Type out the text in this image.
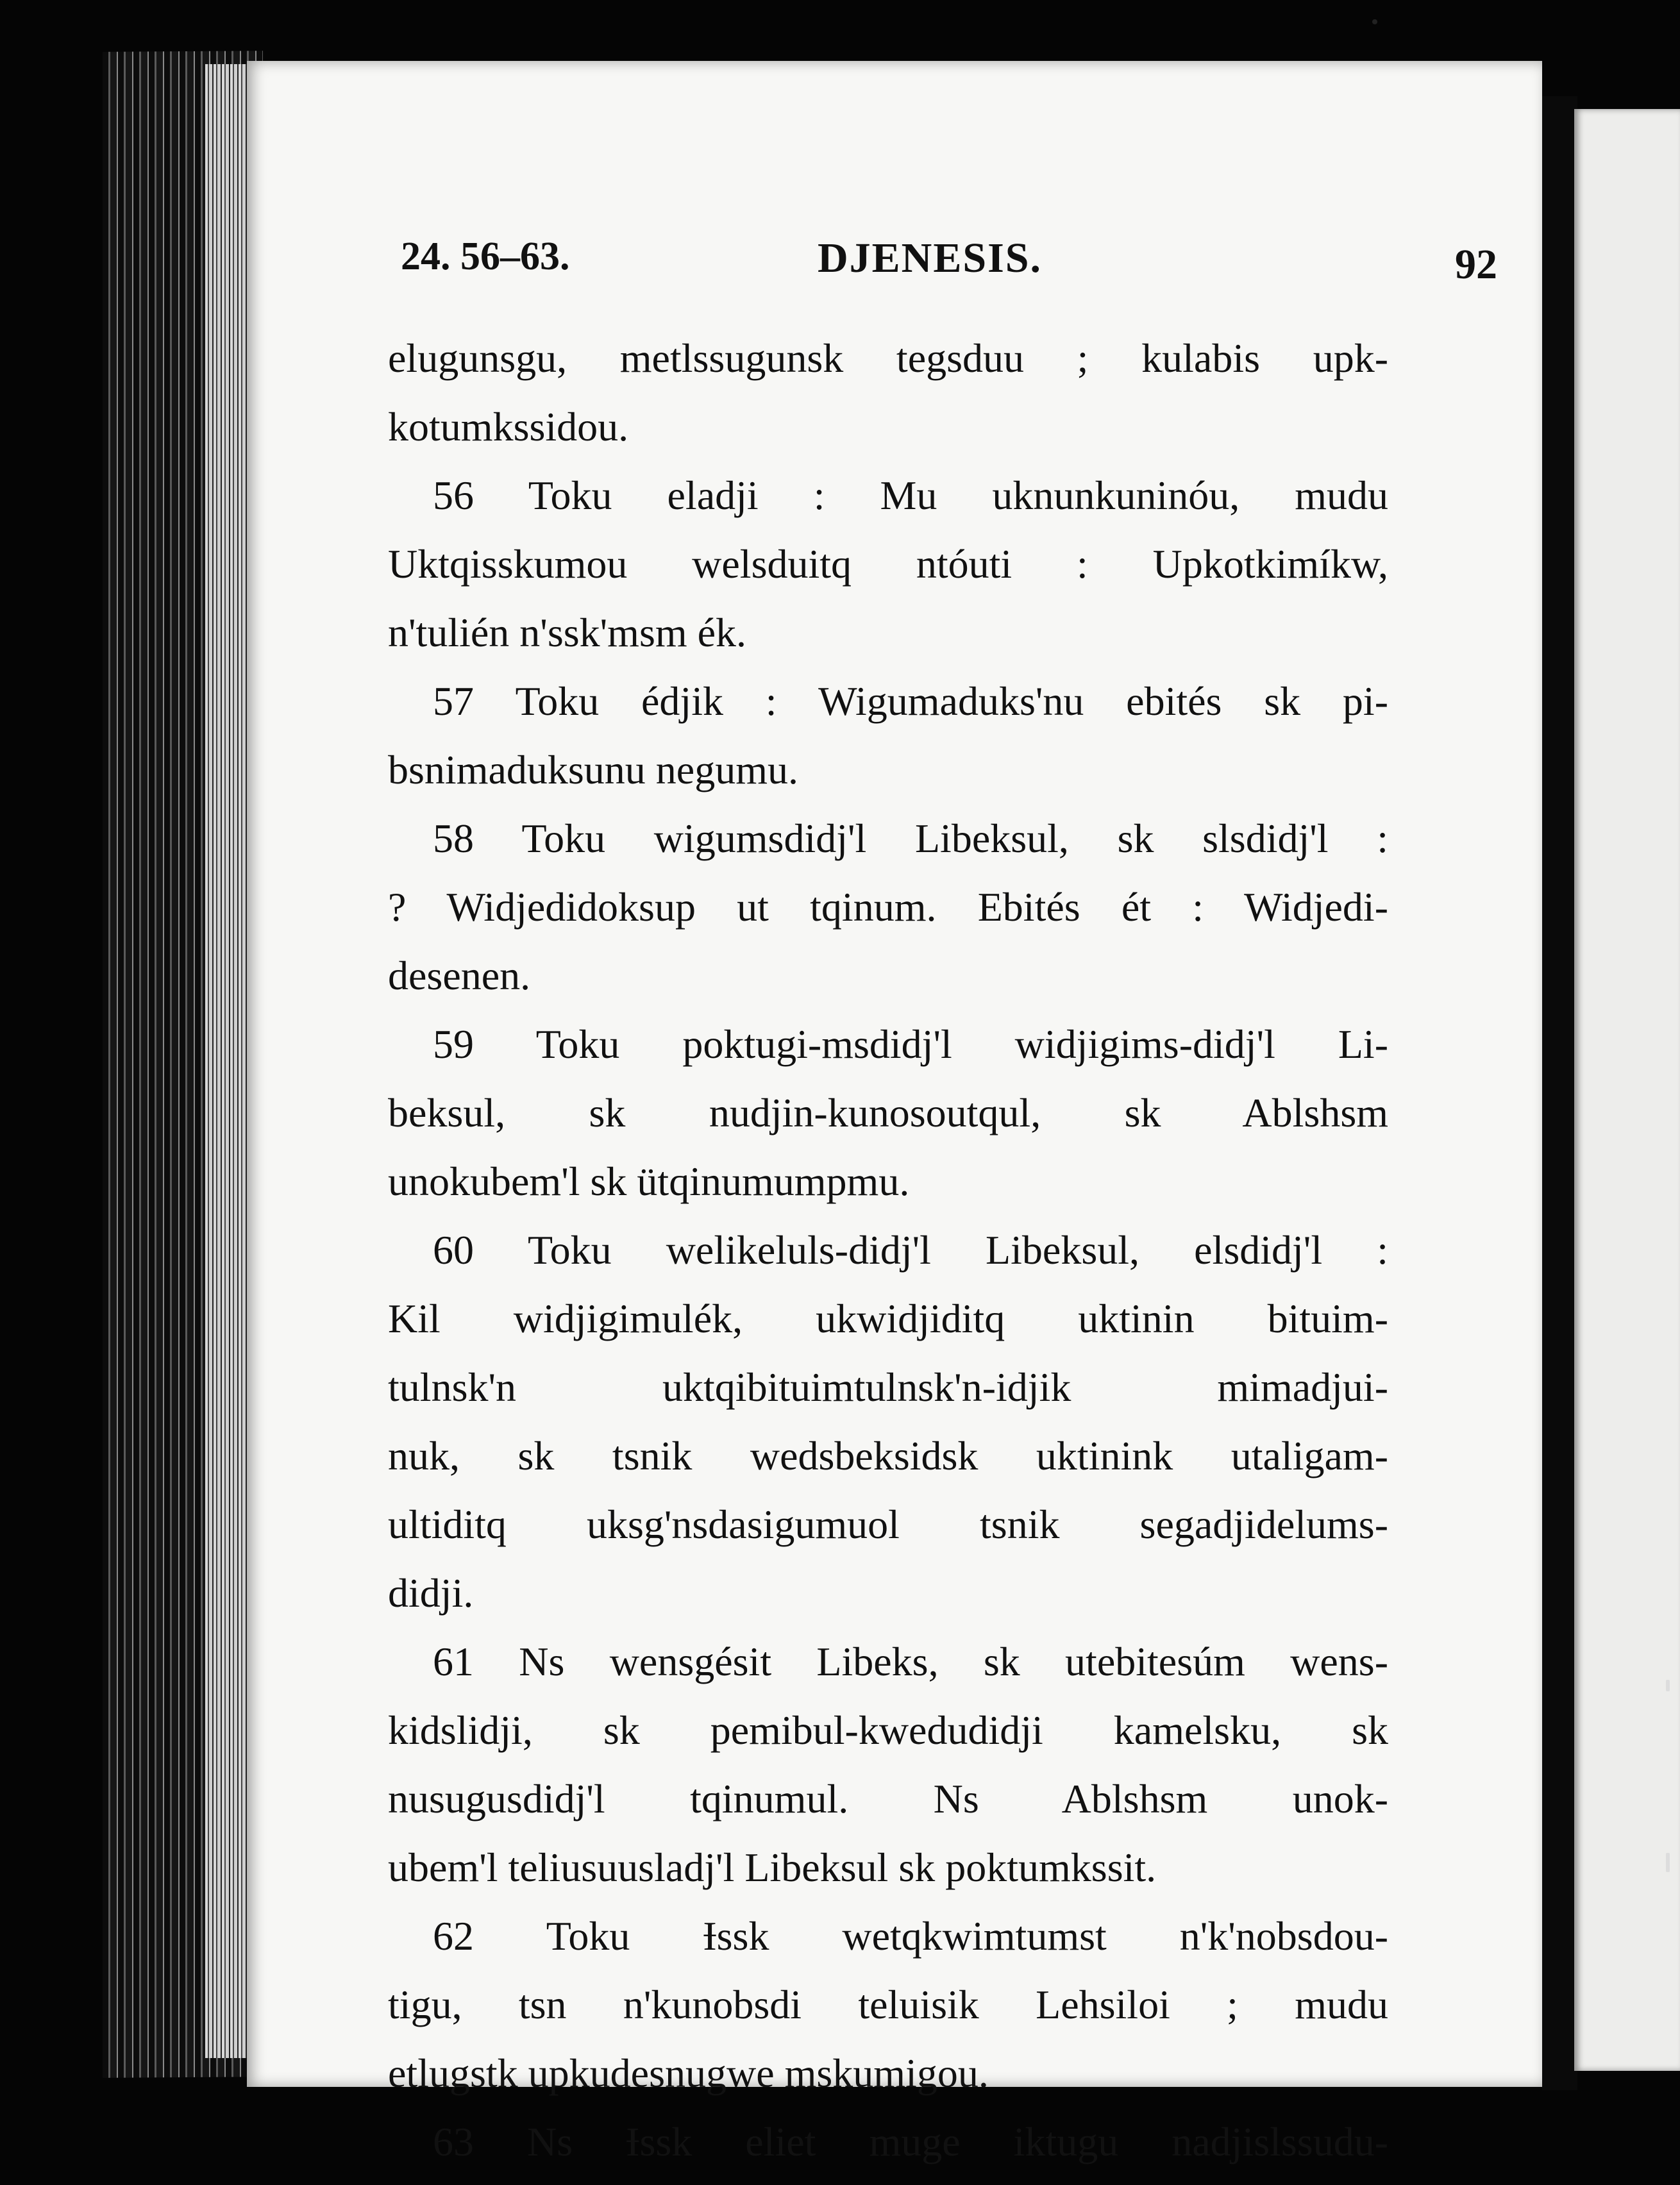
24. 56–63.	DJENESIS.	92
elugunsgu, metlssugunsk tegsduu ; kulabis upk-
kotumkssidou.
56 Toku eladji : Mu uknunkuninóu, mudu
Uktqisskumou welsduitq ntóuti : Upkotkimíkw,
n'tulién n'ssk'msm ék.
57 Toku édjik : Wigumaduks'nu ebités sk pi-
bsnimaduksunu negumu.
58 Toku wigumsdidj'l Libeksul, sk slsdidj'l :
? Widjedidoksup ut tqinum. Ebités ét : Widjedi-
desenen.
59 Toku poktugi-msdidj'l widjigims-didj'l Li-
beksul, sk nudjin-kunosoutqul, sk Ablshsm
unokubem'l sk ütqinumumpmu.
60 Toku welikeluls-didj'l Libeksul, elsdidj'l :
Kil widjigimulék, ukwidjiditq uktinin bituim-
tulnsk'n uktqibituimtulnsk'n-idjik mimadjui-
nuk, sk tsnik wedsbeksidsk uktinink utaligam-
ultiditq uksg'nsdasigumuol tsnik segadjidelums-
didji.
61 Ns wensgésit Libeks, sk utebitesúm wens-
kidslidji, sk pemibul-kwedudidji kamelsku, sk
nusugusdidj'l tqinumul. Ns Ablshsm unok-
ubem'l teliusuusladj'l Libeksul sk poktumkssit.
62 Toku Ɨssk wetqkwimtumst n'k'nobsdou-
tigu, tsn n'kunobsdi teluisik Lehsiloi ; mudu
etlugstk upkudesnugwe mskumigou.
63 Ns Ɨssk eliet muge iktugu nadjislssudu-
